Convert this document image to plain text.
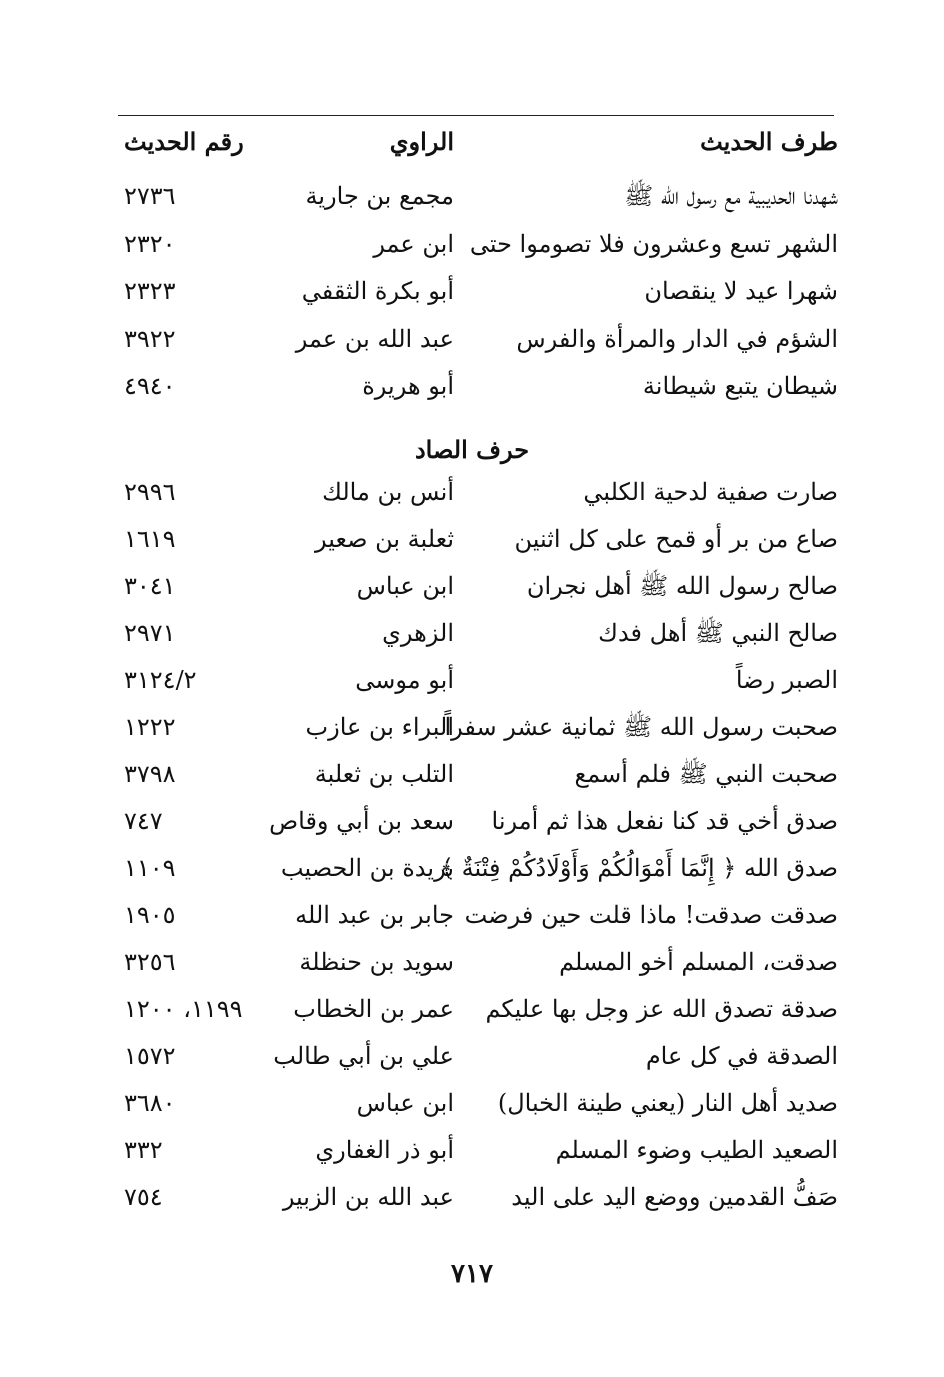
طرف الحديث
الراوي
رقم الحديث
شهدنا الحديبية مع رسول الله ﷺ
مجمع بن جارية
٢٧٣٦
الشهر تسع وعشرون فلا تصوموا حتى
ابن عمر
٢٣٢٠
شهرا عيد لا ينقصان
أبو بكرة الثقفي
٢٣٢٣
الشؤم في الدار والمرأة والفرس
عبد الله بن عمر
٣٩٢٢
شيطان يتبع شيطانة
أبو هريرة
٤٩٤٠
حرف الصاد
صارت صفية لدحية الكلبي
أنس بن مالك
٢٩٩٦
صاع من بر أو قمح على كل اثنين
ثعلبة بن صعير
١٦١٩
صالح رسول الله ﷺ أهل نجران
ابن عباس
٣٠٤١
صالح النبي ﷺ أهل فدك
الزهري
٢٩٧١
الصبر رضاً
أبو موسى
٣١٢٤/٢
صحبت رسول الله ﷺ ثمانية عشر سفراً
البراء بن عازب
١٢٢٢
صحبت النبي ﷺ فلم أسمع
التلب بن ثعلبة
٣٧٩٨
صدق أخي قد كنا نفعل هذا ثم أمرنا
سعد بن أبي وقاص
٧٤٧
صدق الله ﴿ إِنَّمَا أَمْوَالُكُمْ وَأَوْلَادُكُمْ فِتْنَةٌ ﴾
بريدة بن الحصيب
١١٠٩
صدقت صدقت! ماذا قلت حين فرضت
جابر بن عبد الله
١٩٠٥
صدقت، المسلم أخو المسلم
سويد بن حنظلة
٣٢٥٦
صدقة تصدق الله عز وجل بها عليكم
عمر بن الخطاب
١١٩٩، ١٢٠٠
الصدقة في كل عام
علي بن أبي طالب
١٥٧٢
صديد أهل النار (يعني طينة الخبال)
ابن عباس
٣٦٨٠
الصعيد الطيب وضوء المسلم
أبو ذر الغفاري
٣٣٢
صَفُّ القدمين ووضع اليد على اليد
عبد الله بن الزبير
٧٥٤
٧١٧
